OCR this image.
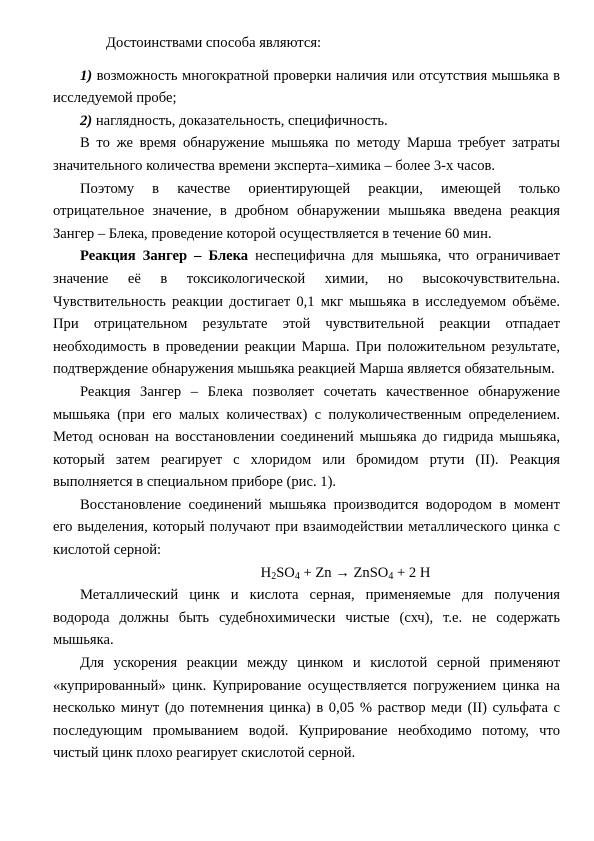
Достоинствами способа являются:

1) возможность многократной проверки наличия или отсутствия мышьяка в исследуемой пробе;

2) наглядность, доказательность, специфичность.

В то же время обнаружение мышьяка по методу Марша требует затраты значительного количества времени эксперта–химика – более 3-х часов.

Поэтому в качестве ориентирующей реакции, имеющей только отрицательное значение, в дробном обнаружении мышьяка введена реакция Зангер – Блека, проведение которой осуществляется в течение 60 мин.

Реакция Зангер – Блека неспецифична для мышьяка, что ограничивает значение её в токсикологической химии, но высокочувствительна. Чувствительность реакции достигает 0,1 мкг мышьяка в исследуемом объёме. При отрицательном результате этой чувствительной реакции отпадает необходимость в проведении реакции Марша. При положительном результате, подтверждение обнаружения мышьяка реакцией Марша является обязательным.

Реакция Зангер – Блека позволяет сочетать качественное обнаружение мышьяка (при его малых количествах) с полуколичественным определением. Метод основан на восстановлении соединений мышьяка до гидрида мышьяка, который затем реагирует с хлоридом или бромидом ртути (II). Реакция выполняется в специальном приборе (рис. 1).

Восстановление соединений мышьяка производится водородом в момент его выделения, который получают при взаимодействии металлического цинка с кислотой серной:

$H_2SO_4 + Zn$ → ZnSO$_4$ + 2 H

Металлический цинк и кислота серная, применяемые для получения водорода должны быть судебнохимически чистые (схч), т.е. не содержать мышьяка.

Для ускорения реакции между цинком и кислотой серной применяют «купрированный» цинк. Куприрование осуществляется погружением цинка на несколько минут (до потемнения цинка) в 0,05 % раствор меди (II) сульфата с последующим промыванием водой. Куприрование необходимо потому, что чистый цинк плохо реагирует скислотой серной.
